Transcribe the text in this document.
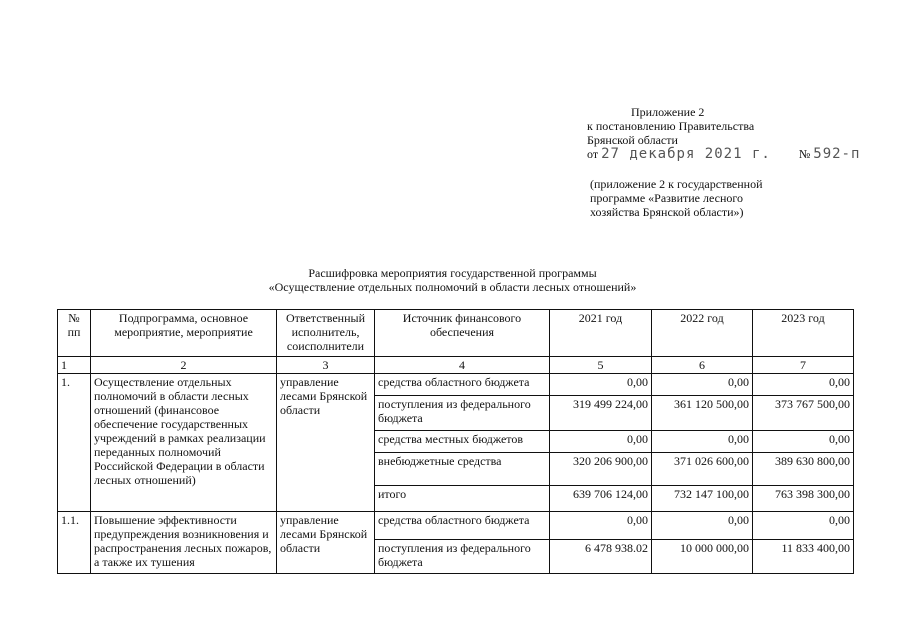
Приложение 2
к постановлению Правительства
Брянской области
от 27 декабря 2021 г. № 592-п
(приложение 2 к государственной
программе «Развитие лесного
хозяйства Брянской области»)
Расшифровка мероприятия государственной программы
«Осуществление отдельных полномочий в области лесных отношений»
№ пп	Подпрограмма, основное мероприятие, мероприятие	Ответственный исполнитель, соисполнители	Источник финансового обеспечения	2021 год	2022 год	2023 год
1	2	3	4	5	6	7
1.	Осуществление отдельных полномочий в области лесных отношений (финансовое обеспечение государственных учреждений в рамках реализации переданных полномочий Российской Федерации в области лесных отношений)	управление лесами Брянской области	средства областного бюджета	0,00	0,00	0,00
			поступления из федерального бюджета	319 499 224,00	361 120 500,00	373 767 500,00
			средства местных бюджетов	0,00	0,00	0,00
			внебюджетные средства	320 206 900,00	371 026 600,00	389 630 800,00
			итого	639 706 124,00	732 147 100,00	763 398 300,00
1.1.	Повышение эффективности предупреждения возникновения и распространения лесных пожаров, а также их тушения	управление лесами Брянской области	средства областного бюджета	0,00	0,00	0,00
			поступления из федерального бюджета	6 478 938.02	10 000 000,00	11 833 400,00
